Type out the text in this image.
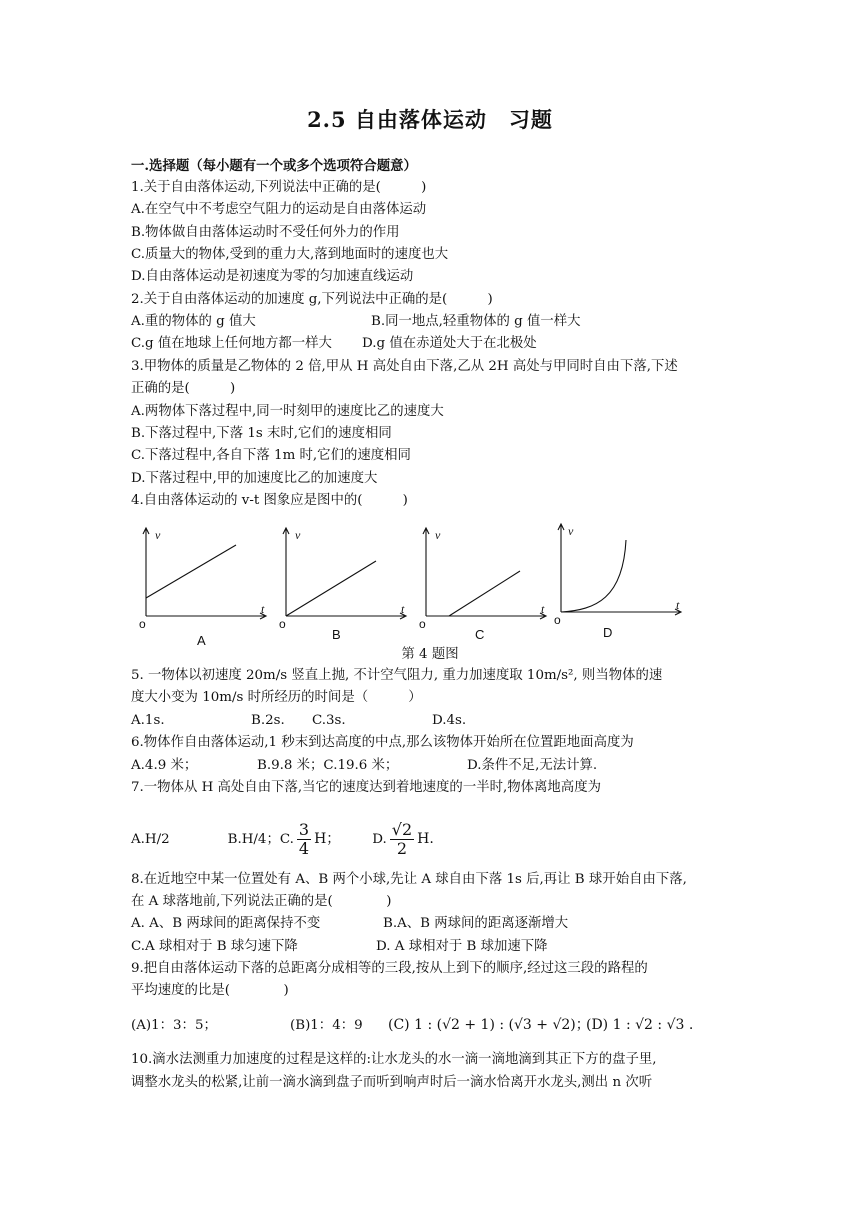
2.5 自由落体运动　习题
一.选择题（每小题有一个或多个选项符合题意）
1.关于自由落体运动,下列说法中正确的是(　　　)
A.在空气中不考虑空气阻力的运动是自由落体运动
B.物体做自由落体运动时不受任何外力的作用
C.质量大的物体,受到的重力大,落到地面时的速度也大
D.自由落体运动是初速度为零的匀加速直线运动
2.关于自由落体运动的加速度 g,下列说法中正确的是(　　　)
A.重的物体的 g 值大	B.同一地点,轻重物体的 g 值一样大
C.g 值在地球上任何地方都一样大 D.g 值在赤道处大于在北极处
3.甲物体的质量是乙物体的 2 倍,甲从 H 高处自由下落,乙从 2H 高处与甲同时自由下落,下述
正确的是(　　　)
A.两物体下落过程中,同一时刻甲的速度比乙的速度大
B.下落过程中,下落 1s 末时,它们的速度相同
C.下落过程中,各自下落 1m 时,它们的速度相同
D.下落过程中,甲的加速度比乙的加速度大
4.自由落体运动的 v-t 图象应是图中的(　　　)
v
t
v
t
v
t
v
t
o	o	o	o
A	B	C	D
第 4 题图
5. 一物体以初速度 20m/s 竖直上抛, 不计空气阻力, 重力加速度取 10m/s², 则当物体的速
度大小变为 10m/s 时所经历的时间是（　　　）
A.1s.	B.2s. C.3s.	D.4s.
6.物体作自由落体运动,1 秒末到达高度的中点,那么该物体开始所在位置距地面高度为
A.4.9 米；	B.9.8 米；C.19.6 米；	D.条件不足,无法计算.
7.一物体从 H 高处自由下落,当它的速度达到着地速度的一半时,物体离地高度为
A.H/2	B.H/4；C. $\frac{3}{4}$ H； D. $\frac{√2}{2} H$.
8.在近地空中某一位置处有 A、B 两个小球,先让 A 球自由下落 1s 后,再让 B 球开始自由下落,
在 A 球落地前,下列说法正确的是(　　　　)
A. A、B 两球间的距离保持不变	B.A、B 两球间的距离逐渐增大
C.A 球相对于 B 球匀速下降	D. A 球相对于 B 球加速下降
9.把自由落体运动下落的总距离分成相等的三段,按从上到下的顺序,经过这三段的路程的
平均速度的比是(　　　　)
(A)1：3：5；	(B)1：4：9 (C) 1 : (√2 + 1) : (√3 + √2)；
(D) 1 : √2 : √3 .
10.滴水法测重力加速度的过程是这样的:让水龙头的水一滴一滴地滴到其正下方的盘子里,
调整水龙头的松紧,让前一滴水滴到盘子而听到响声时后一滴水恰离开水龙头,测出 n 次听
